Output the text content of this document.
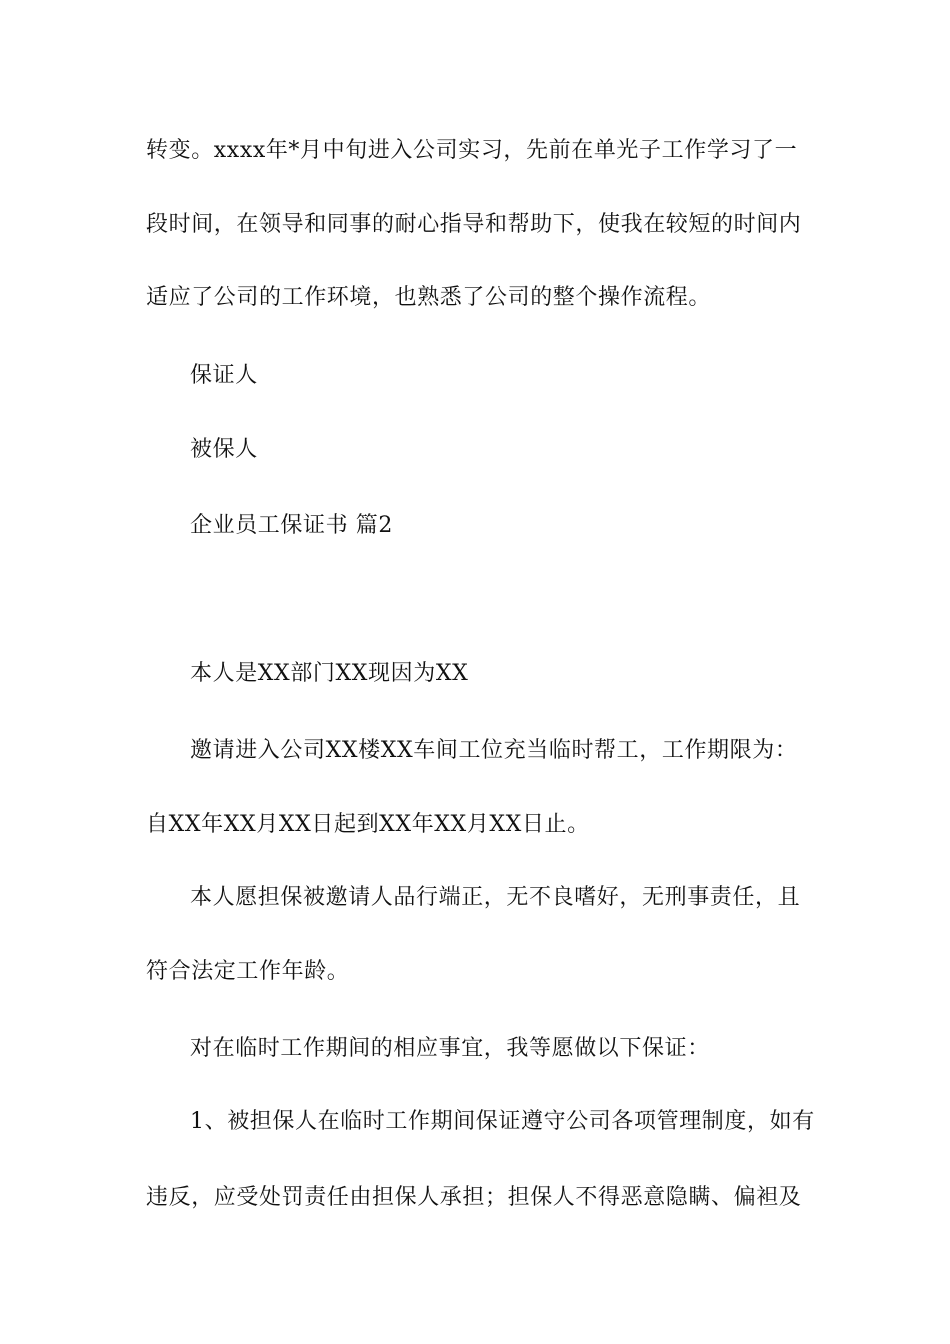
转变。xxxx年*月中旬进入公司实习，先前在单光子工作学习了一
段时间，在领导和同事的耐心指导和帮助下，使我在较短的时间内
适应了公司的工作环境，也熟悉了公司的整个操作流程。
保证人
被保人
企业员工保证书 篇2
本人是XX部门XX现因为XX
邀请进入公司XX楼XX车间工位充当临时帮工，工作期限为：
自XX年XX月XX日起到XX年XX月XX日止。
本人愿担保被邀请人品行端正，无不良嗜好，无刑事责任，且
符合法定工作年龄。
对在临时工作期间的相应事宜，我等愿做以下保证：
1、被担保人在临时工作期间保证遵守公司各项管理制度，如有
违反，应受处罚责任由担保人承担；担保人不得恶意隐瞒、偏袒及
